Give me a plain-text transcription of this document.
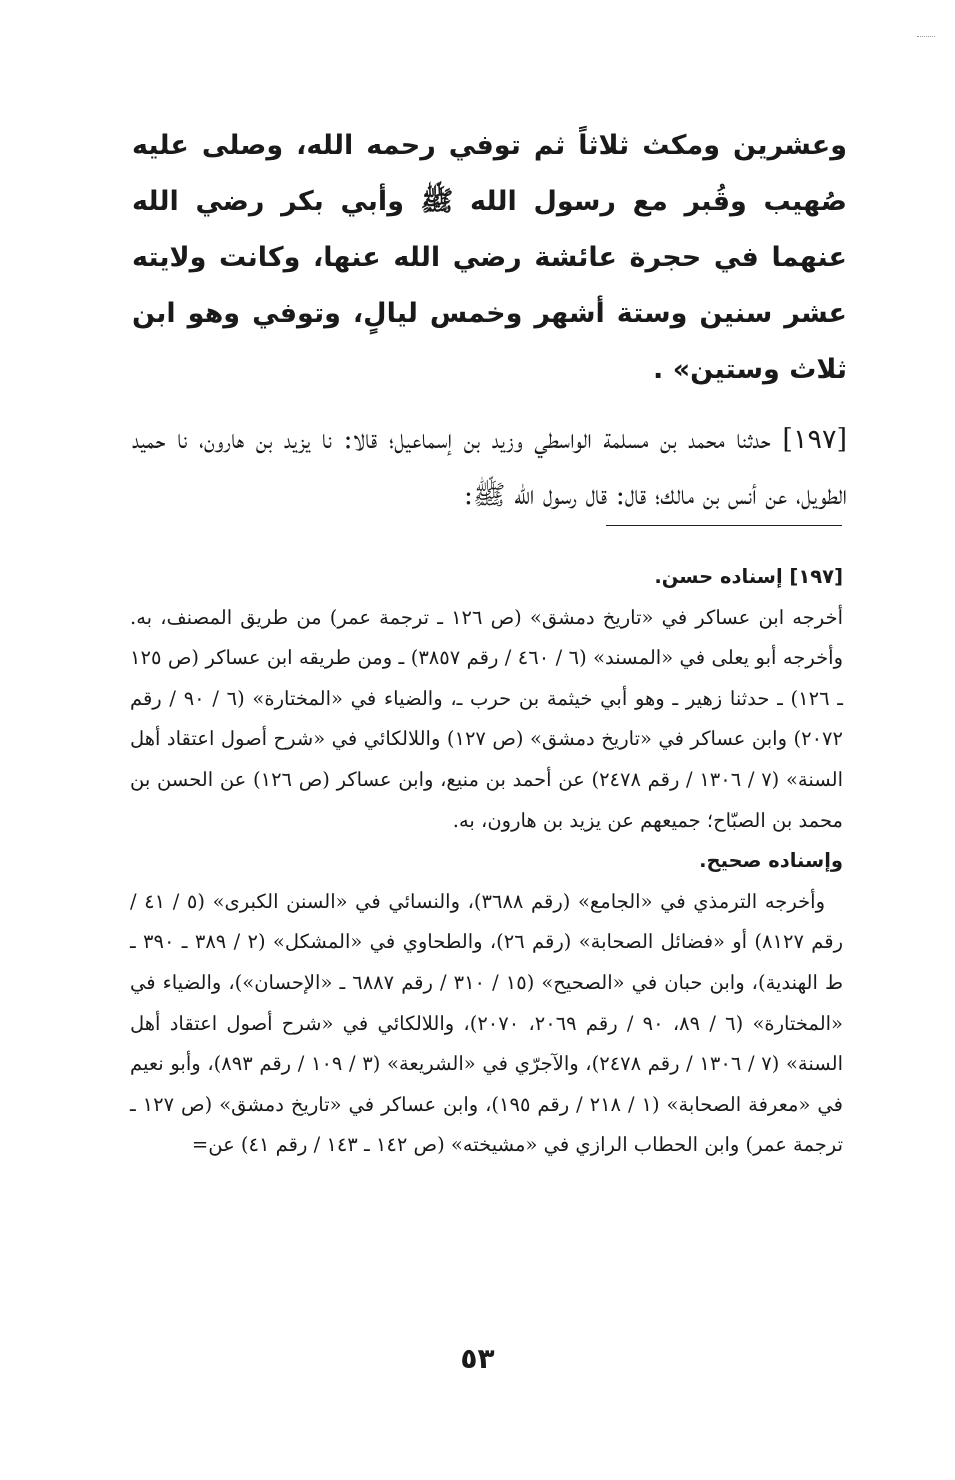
وعشرين ومكث ثلاثاً ثم توفي رحمه الله، وصلى عليه صُهيب وقُبر مع رسول الله ﷺ وأبي بكر رضي الله عنهما في حجرة عائشة رضي الله عنها، وكانت ولايته عشر سنين وستة أشهر وخمس ليالٍ، وتوفي وهو ابن ثلاث وستين» .

[١٩٧] حدثنا محمد بن مسلمة الواسطي وزيد بن إسماعيل؛ قالا: نا يزيد بن هارون، نا حميد الطويل، عن أنس بن مالك؛ قال: قال رسول الله ﷺ:

[١٩٧] إسناده حسن.

أخرجه ابن عساكر في «تاريخ دمشق» (ص ١٢٦ ـ ترجمة عمر) من طريق المصنف، به. وأخرجه أبو يعلى في «المسند» (٦ / ٤٦٠ / رقم ٣٨٥٧) ـ ومن طريقه ابن عساكر (ص ١٢٥ ـ ١٢٦) ـ حدثنا زهير ـ وهو أبي خيثمة بن حرب ـ، والضياء في «المختارة» (٦ / ٩٠ / رقم ٢٠٧٢) وابن عساكر في «تاريخ دمشق» (ص ١٢٧) واللالكائي في «شرح أصول اعتقاد أهل السنة» (٧ / ١٣٠٦ / رقم ٢٤٧٨) عن أحمد بن منيع، وابن عساكر (ص ١٢٦) عن الحسن بن محمد بن الصبّاح؛ جميعهم عن يزيد بن هارون، به.

وإسناده صحيح.

وأخرجه الترمذي في «الجامع» (رقم ٣٦٨٨)، والنسائي في «السنن الكبرى» (٥ / ٤١ / رقم ٨١٢٧) أو «فضائل الصحابة» (رقم ٢٦)، والطحاوي في «المشكل» (٢ / ٣٨٩ ـ ٣٩٠ ـ ط الهندية)، وابن حبان في «الصحيح» (١٥ / ٣١٠ / رقم ٦٨٨٧ ـ «الإحسان»)، والضياء في «المختارة» (٦ / ٨٩، ٩٠ / رقم ٢٠٦٩، ٢٠٧٠)، واللالكائي في «شرح أصول اعتقاد أهل السنة» (٧ / ١٣٠٦ / رقم ٢٤٧٨)، والآجرّي في «الشريعة» (٣ / ١٠٩ / رقم ٨٩٣)، وأبو نعيم في «معرفة الصحابة» (١ / ٢١٨ / رقم ١٩٥)، وابن عساكر في «تاريخ دمشق» (ص ١٢٧ ـ ترجمة عمر) وابن الحطاب الرازي في «مشيخته» (ص ١٤٢ ـ ١٤٣ / رقم ٤١) عن=

٥٣
